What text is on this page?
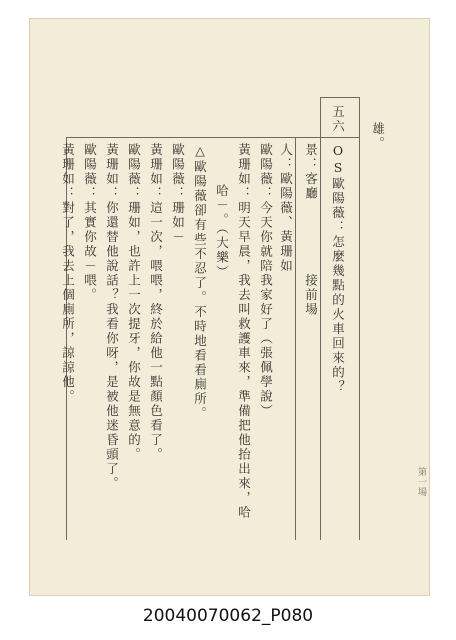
五六
雄。
OS歐陽薇：怎麼幾點的火車回來的？
景：客廳　　　　　接前場
人：歐陽薇、黃珊如
歐陽薇：今天你就陪我家好了（張佩學說）
黃珊如：明天早晨，我去叫救護車來，準備把他抬出來，哈
哈－。（大樂）
△歐陽薇卻有些不忍了。不時地看看廁所。
歐陽薇：珊如－
黃珊如：這一次，喂喂，終於給他一點顏色看了。
歐陽薇：珊如，也許上一次提牙，你故是無意的。
黃珊如：你還替他說話？我看你呀，是被他迷昏頭了。
歐陽薇：其實你故－喂。
黃珊如：對了，我去上個廁所，諒諒他。
第一場
20040070062_P080
